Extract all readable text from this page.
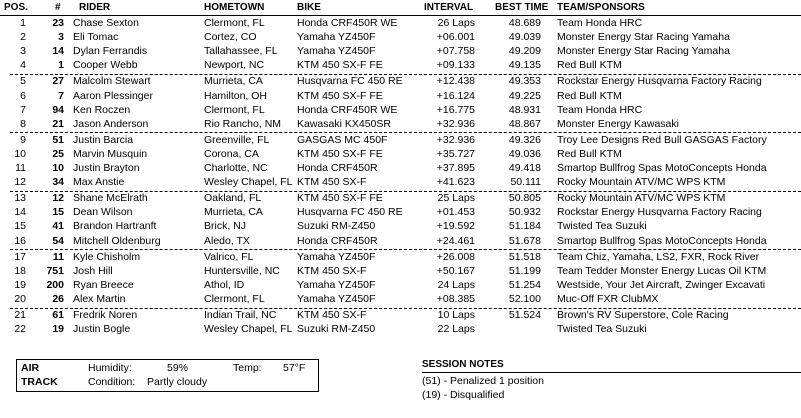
POS.	# RIDER	HOMETOWN	BIKE	INTERVAL BEST TIME TEAM/SPONSORS
1	23 Chase Sexton	Clermont, FL	Honda CRF450R WE	26 Laps	48.689 Team Honda HRC
2	3 Eli Tomac	Cortez, CO	Yamaha YZ450F	+06.001	49.039 Monster Energy Star Racing Yamaha
3	14 Dylan Ferrandis	Tallahassee, FL Yamaha YZ450F	+07.758	49.209 Monster Energy Star Racing Yamaha
4	1 Cooper Webb	Newport, NC	KTM 450 SX-F FE	+09.133	49.135 Red Bull KTM
5	27 Malcolm Stewart	Murrieta, CA	Husqvarna FC 450 RE	+12.438	49.353 Rockstar Energy Husqvarna Factory Racing
6	7 Aaron Plessinger	Hamilton, OH	KTM 450 SX-F FE	+16.124	49.225 Red Bull KTM
7	94 Ken Roczen	Clermont, FL	Honda CRF450R WE	+16.775	48.931 Team Honda HRC
8	21 Jason Anderson	Rio Rancho, NM Kawasaki KX450SR	+32.936	48.867 Monster Energy Kawasaki
9	51 Justin Barcia	Greenville, FL	GASGAS MC 450F	+32.936	49.326 Troy Lee Designs Red Bull GASGAS Factory
10	25 Marvin Musquin	Corona, CA	KTM 450 SX-F FE	+35.727	49.036 Red Bull KTM
11	10 Justin Brayton	Charlotte, NC	Honda CRF450R	+37.895	49.418 Smartop Bullfrog Spas MotoConcepts Honda
12	34 Max Anstie	Wesley Chapel, FL KTM 450 SX-F	+41.623	50.111 Rocky Mountain ATV/MC WPS KTM
13	12 Shane McElrath	Oakland, FL	KTM 450 SX-F FE	25 Laps	50.805 Rocky Mountain ATV/MC WPS KTM
14	15 Dean Wilson	Murrieta, CA	Husqvarna FC 450 RE	+01.453	50.932 Rockstar Energy Husqvarna Factory Racing
15	41 Brandon Hartranft	Brick, NJ	Suzuki RM-Z450	+19.592	51.184 Twisted Tea Suzuki
16	54 Mitchell Oldenburg	Aledo, TX	Honda CRF450R	+24.461	51.678 Smartop Bullfrog Spas MotoConcepts Honda
17	11 Kyle Chisholm	Valrico, FL	Yamaha YZ450F	+26.008	51.518 Team Chiz, Yamaha, LS2, FXR, Rock River
18	751 Josh Hill	Huntersville, NC KTM 450 SX-F	+50.167	51.199 Team Tedder Monster Energy Lucas Oil KTM
19	200 Ryan Breece	Athol, ID	Yamaha YZ450F	24 Laps	51.254 Westside, Your Jet Aircraft, Zwinger Excavati
20	26 Alex Martin	Clermont, FL	Yamaha YZ450F	+08.385	52.100 Muc-Off FXR ClubMX
21	61 Fredrik Noren	Indian Trail, NC KTM 450 SX-F	10 Laps	51.524 Brown's RV Superstore, Cole Racing
22	19 Justin Bogle	Wesley Chapel, FL Suzuki RM-Z450	22 Laps	Twisted Tea Suzuki
AIR
TRACK
Humidity:	59%	Temp: 57°F
Condition: Partly cloudy
SESSION NOTES
(51) - Penalized 1 position
(19) - Disqualified
